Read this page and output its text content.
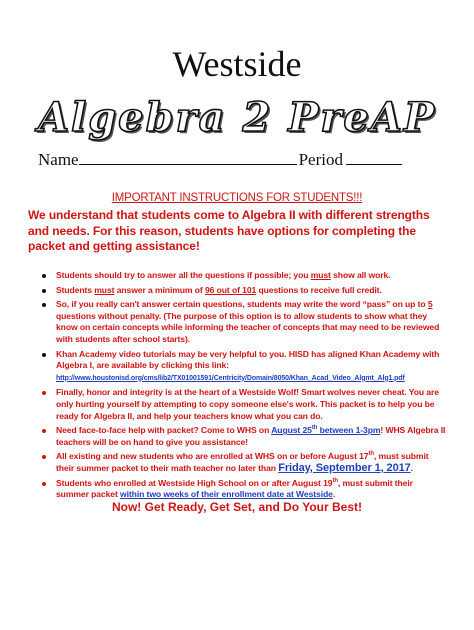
Westside
Algebra 2 PreAP
Name	Period
IMPORTANT INSTRUCTIONS FOR STUDENTS!!!
We understand that students come to Algebra II with different strengths and needs. For this reason, students have options for completing the packet and getting assistance!
Students should try to answer all the questions if possible; you must show all work.
Students must answer a minimum of 96 out of 101 questions to receive full credit.
So, if you really can't answer certain questions, students may write the word “pass” on up to 5 questions without penalty. (The purpose of this option is to allow students to show what they know on certain concepts while informing the teacher of concepts that may need to be reviewed with students after school starts).
Khan Academy video tutorials may be very helpful to you. HISD has aligned Khan Academy with Algebra I, are available by clicking this link:
http://www.houstonisd.org/cms/lib2/TX01001591/Centricity/Domain/8050/Khan_Acad_Video_Algmt_Alg1.pdf
Finally, honor and integrity is at the heart of a Westside Wolf! Smart wolves never cheat. You are only hurting yourself by attempting to copy someone else's work. This packet is to help you be ready for Algebra II, and help your teachers know what you can do.
Need face-to-face help with packet? Come to WHS on August 25th between 1-3pm! WHS Algebra II teachers will be on hand to give you assistance!
All existing and new students who are enrolled at WHS on or before August 17th, must submit their summer packet to their math teacher no later than Friday, September 1, 2017.
Students who enrolled at Westside High School on or after August 19th, must submit their summer packet within two weeks of their enrollment date at Westside.
Now! Get Ready, Get Set, and Do Your Best!
